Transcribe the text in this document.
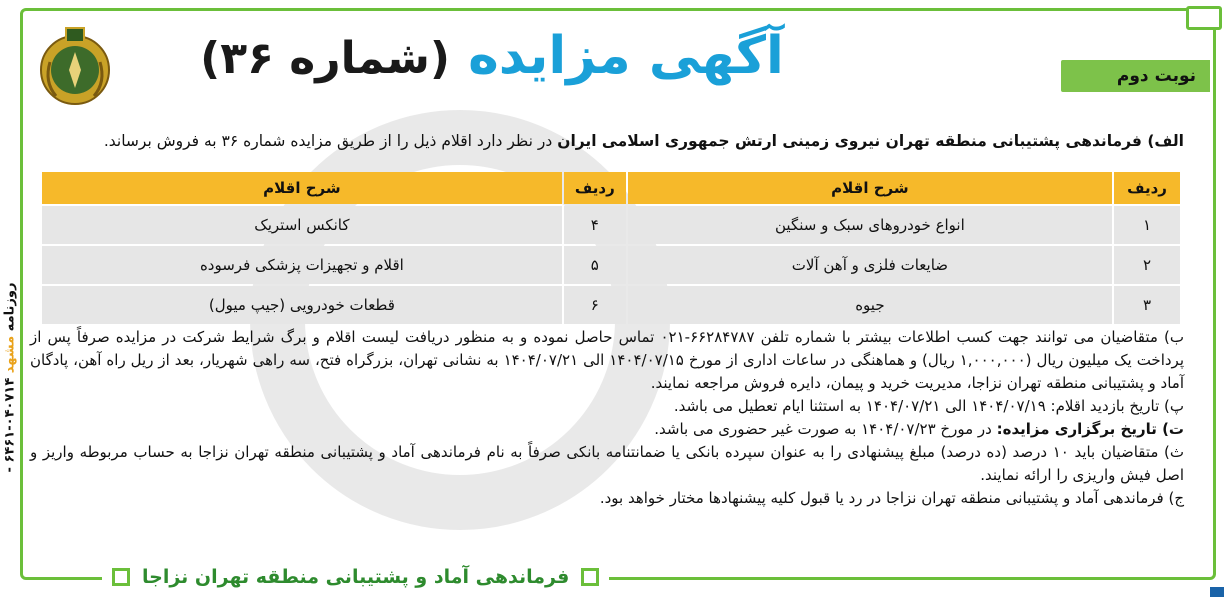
آگهی مزایده (شماره ۳۶)	نوبت دوم
الف) فرماندهی پشتیبانی منطقه تهران نیروی زمینی ارتش جمهوری اسلامی ایران در نظر دارد اقلام ذیل را از طریق مزایده شماره ۳۶ به فروش برساند.
ردیف	شرح اقلام	ردیف	شرح اقلام
۱	انواع خودروهای سبک و سنگین	۴	کانکس استریک
۲	ضایعات فلزی و آهن آلات	۵	اقلام و تجهیزات پزشکی فرسوده
۳	جیوه	۶	قطعات خودرویی (جیپ میول)

ب) متقاضیان می توانند جهت کسب اطلاعات بیشتر با شماره تلفن ۶۶۲۸۴۷۸۷-۰۲۱ تماس حاصل نموده و به منظور دریافت لیست اقلام و برگ شرایط شرکت در مزایده صرفاً پس از پرداخت یک میلیون ریال (۱,۰۰۰,۰۰۰ ریال) و هماهنگی در ساعات اداری از مورخ ۱۴۰۴/۰۷/۱۵ الی ۱۴۰۴/۰۷/۲۱ به نشانی تهران، بزرگراه فتح، سه راهی شهریار، بعد از ریل راه آهن، پادگان آماد و پشتیبانی منطقه تهران نزاجا، مدیریت خرید و پیمان، دایره فروش مراجعه نمایند.

پ) تاریخ بازدید اقلام: ۱۴۰۴/۰۷/۱۹ الی ۱۴۰۴/۰۷/۲۱ به استثنا ایام تعطیل می باشد.

ت) تاریخ برگزاری مزایده: در مورخ ۱۴۰۴/۰۷/۲۳ به صورت غیر حضوری می باشد.

ث) متقاضیان باید ۱۰ درصد (ده درصد) مبلغ پیشنهادی را به عنوان سپرده بانکی یا ضمانتنامه بانکی صرفاً به نام فرماندهی آماد و پشتیبانی منطقه تهران نزاجا به حساب مربوطه واریز و اصل فیش واریزی را ارائه نمایند.

ج) فرماندهی آماد و پشتیبانی منطقه تهران نزاجا در رد یا قبول کلیه پیشنهادها مختار خواهد بود.

روزنامه مشهد ۰۴۰۷۱۴-۶۴۶۱ -
فرماندهی آماد و پشتیبانی منطقه تهران نزاجا
